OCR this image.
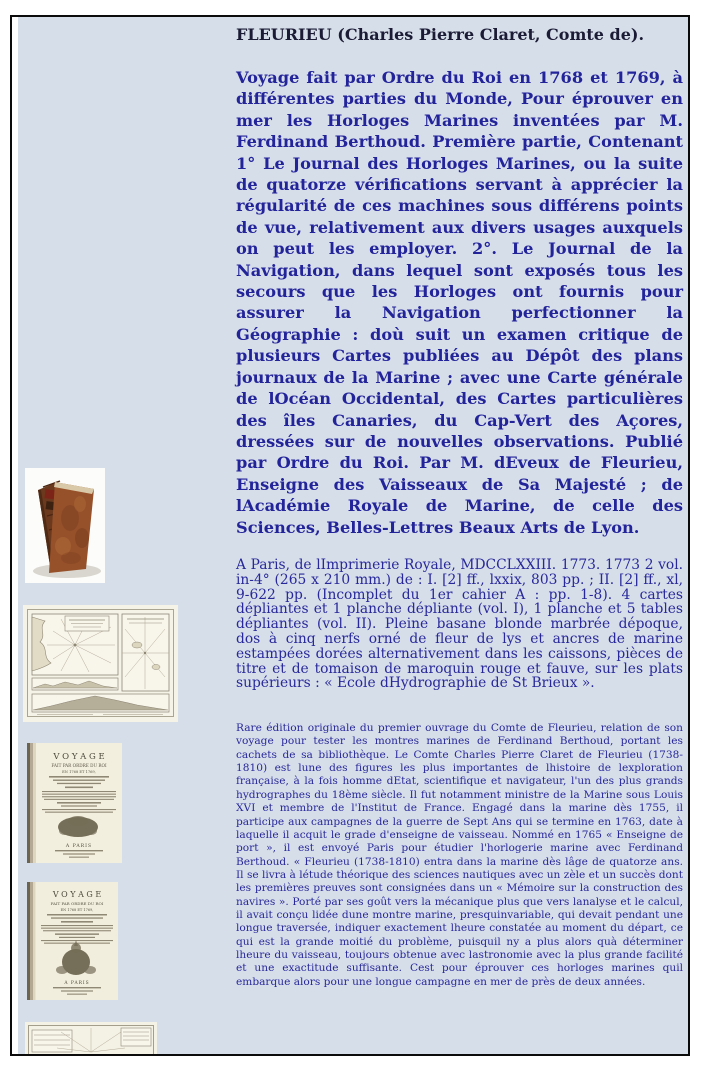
V O Y A G E
FAIT PAR ORDRE DU ROI
EN 1768 ET 1769,
A PARIS
V O Y A G E
FAIT PAR ORDRE DU ROI
EN 1768 ET 1769,
A PARIS
FLEURIEU (Charles Pierre Claret, Comte de).

Voyage fait par Ordre du Roi en 1768 et 1769, à différentes parties du Monde, Pour éprouver en mer les Horloges Marines inventées par M. Ferdinand Berthoud. Première partie, Contenant 1° Le Journal des Horloges Marines, ou la suite de quatorze vérifications servant à apprécier la régularité de ces machines sous différens points de vue, relativement aux divers usages auxquels on peut les employer. 2°. Le Journal de la Navigation, dans lequel sont exposés tous les secours que les Horloges ont fournis pour assurer la Navigation perfectionner la Géographie : doù suit un examen critique de plusieurs Cartes publiées au Dépôt des plans journaux de la Marine ; avec une Carte générale de lOcéan Occidental, des Cartes particulières des îles Canaries, du Cap-Vert des Açores, dressées sur de nouvelles observations. Publié par Ordre du Roi. Par M. dEveux de Fleurieu, Enseigne des Vaisseaux de Sa Majesté ; de lAcadémie Royale de Marine, de celle des Sciences, Belles-Lettres Beaux Arts de Lyon.

A Paris, de lImprimerie Royale, MDCCLXXIII. 1773. 1773 2 vol. in-4° (265 x 210 mm.) de : I. [2] ff., lxxix, 803 pp. ; II. [2] ff., xl, 9-622 pp. (Incomplet du 1er cahier A : pp. 1-8). 4 cartes dépliantes et 1 planche dépliante (vol. I), 1 planche et 5 tables dépliantes (vol. II). Pleine basane blonde marbrée dépoque, dos à cinq nerfs orné de fleur de lys et ancres de marine estampées dorées alternativement dans les caissons, pièces de titre et de tomaison de maroquin rouge et fauve, sur les plats supérieurs : « Ecole dHydrographie de St Brieux ».

Rare édition originale du premier ouvrage du Comte de Fleurieu, relation de son voyage pour tester les montres marines de Ferdinand Berthoud, portant les cachets de sa bibliothèque. Le Comte Charles Pierre Claret de Fleurieu (1738-1810) est lune des figures les plus importantes de lhistoire de lexploration française, à la fois homme dEtat, scientifique et navigateur, l'un des plus grands hydrographes du 18ème siècle. Il fut notamment ministre de la Marine sous Louis XVI et membre de l'Institut de France. Engagé dans la marine dès 1755, il participe aux campagnes de la guerre de Sept Ans qui se termine en 1763, date à laquelle il acquit le grade d'enseigne de vaisseau. Nommé en 1765 « Enseigne de port », il est envoyé Paris pour étudier l'horlogerie marine avec Ferdinand Berthoud. « Fleurieu (1738-1810) entra dans la marine dès lâge de quatorze ans. Il se livra à létude théorique des sciences nautiques avec un zèle et un succès dont les premières preuves sont consignées dans un « Mémoire sur la construction des navires ». Porté par ses goût vers la mécanique plus que vers lanalyse et le calcul, il avait conçu lidée dune montre marine, presquinvariable, qui devait pendant une longue traversée, indiquer exactement lheure constatée au moment du départ, ce qui est la grande moitié du problème, puisquil ny a plus alors quà déterminer lheure du vaisseau, toujours obtenue avec lastronomie avec la plus grande facilité et une exactitude suffisante. Cest pour éprouver ces horloges marines quil embarque alors pour une longue campagne en mer de près de deux années.
